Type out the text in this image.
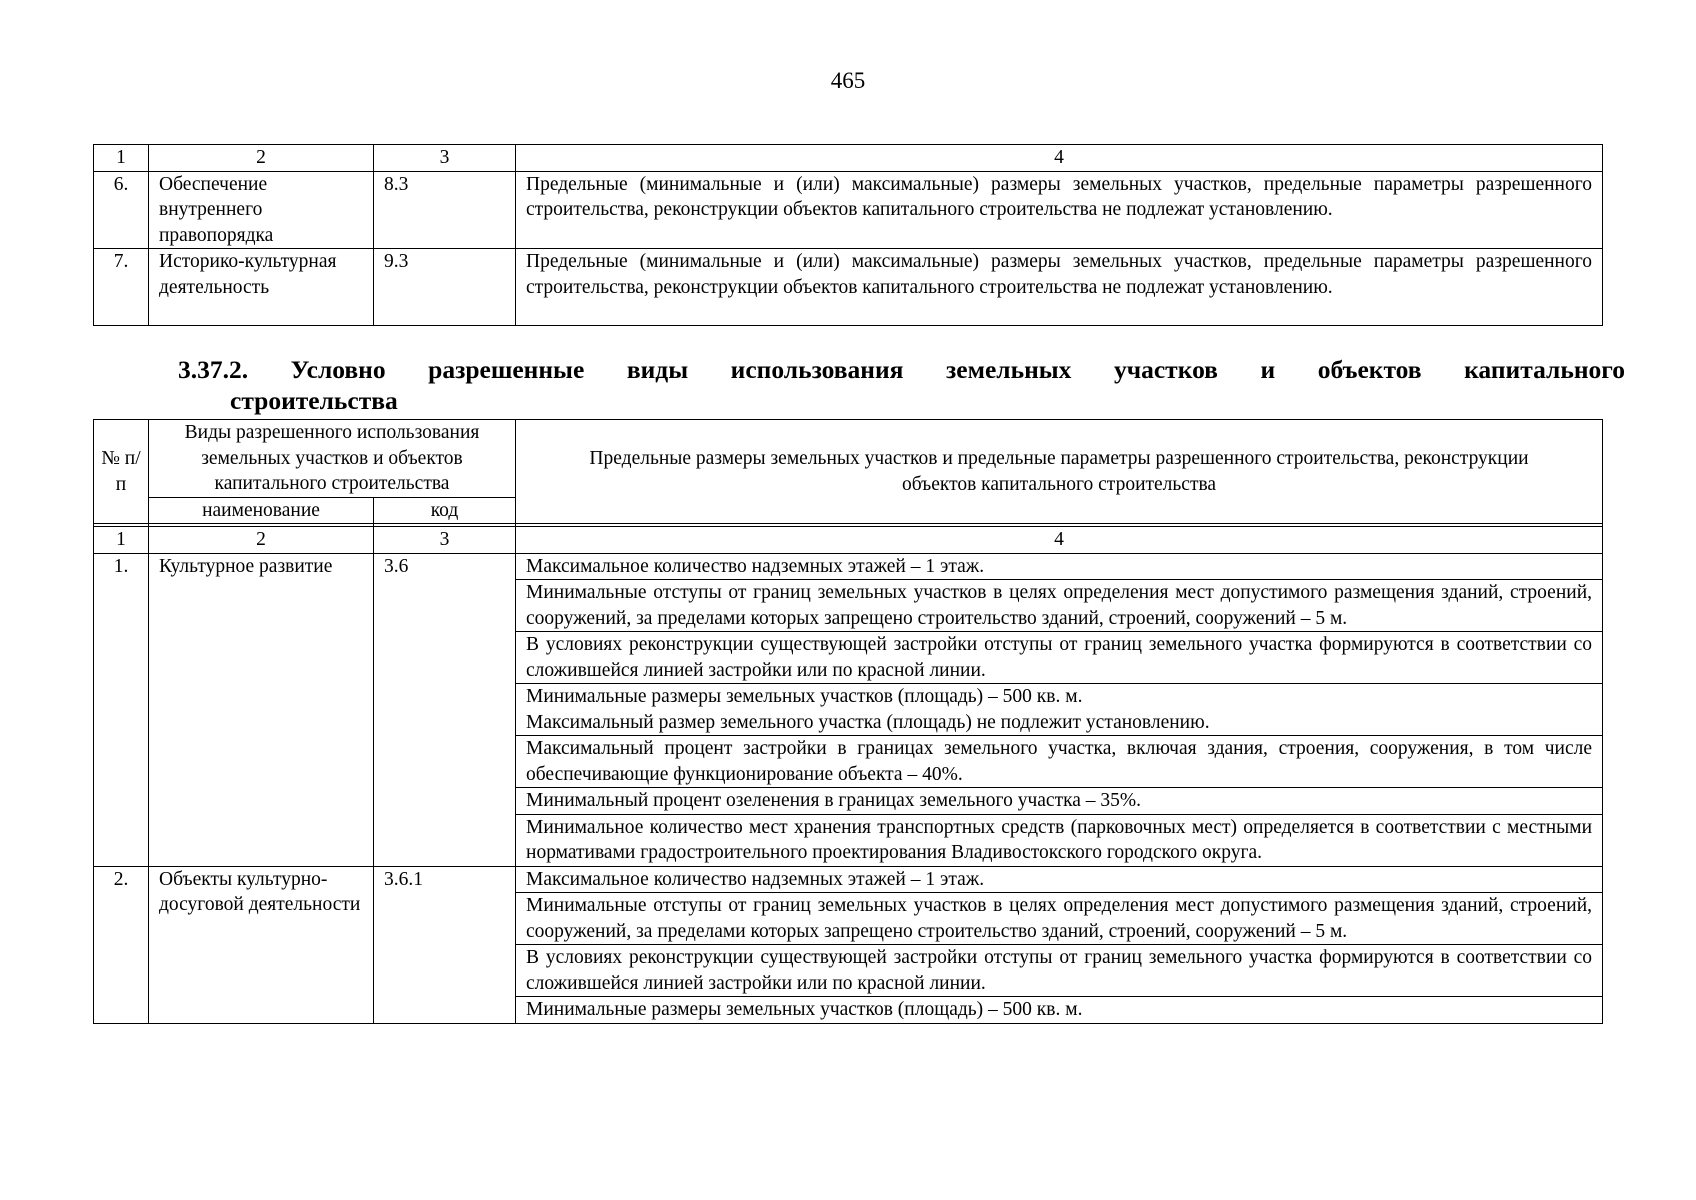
465
1	2	3	4
6.	Обеспечение внутреннего правопорядка	8.3	Предельные (минимальные и (или) максимальные) размеры земельных участков, предельные параметры разрешенного строительства, реконструкции объектов капитального строительства не подлежат установлению.
7.	Историко-культурная деятельность	9.3	Предельные (минимальные и (или) максимальные) размеры земельных участков, предельные параметры разрешенного строительства, реконструкции объектов капитального строительства не подлежат установлению.
3.37.2. Условно разрешенные виды использования земельных участков и объектов капитального
строительства
№ п/п	Виды разрешенного использования земельных участков и объектов капитального строительства		Предельные размеры земельных участков и предельные параметры разрешенного строительства, реконструкции объектов капитального строительства
	наименование	код	

1	2	3	4
1.	Культурное развитие	3.6	Максимальное количество надземных этажей – 1 этаж.
			Минимальные отступы от границ земельных участков в целях определения мест допустимого размещения зданий, строений, сооружений, за пределами которых запрещено строительство зданий, строений, сооружений – 5 м.
			В условиях реконструкции существующей застройки отступы от границ земельного участка формируются в соответствии со сложившейся линией застройки или по красной линии.
			Минимальные размеры земельных участков (площадь) – 500 кв. м.
Максимальный размер земельного участка (площадь) не подлежит установлению.
			Максимальный процент застройки в границах земельного участка, включая здания, строения, сооружения, в том числе обеспечивающие функционирование объекта – 40%.
			Минимальный процент озеленения в границах земельного участка – 35%.
			Минимальное количество мест хранения транспортных средств (парковочных мест) определяется в соответствии с местными нормативами градостроительного проектирования Владивостокского городского округа.
2.	Объекты культурно-досуговой деятельности	3.6.1	Максимальное количество надземных этажей – 1 этаж.
			Минимальные отступы от границ земельных участков в целях определения мест допустимого размещения зданий, строений, сооружений, за пределами которых запрещено строительство зданий, строений, сооружений – 5 м.
			В условиях реконструкции существующей застройки отступы от границ земельного участка формируются в соответствии со сложившейся линией застройки или по красной линии.
			Минимальные размеры земельных участков (площадь) – 500 кв. м.
